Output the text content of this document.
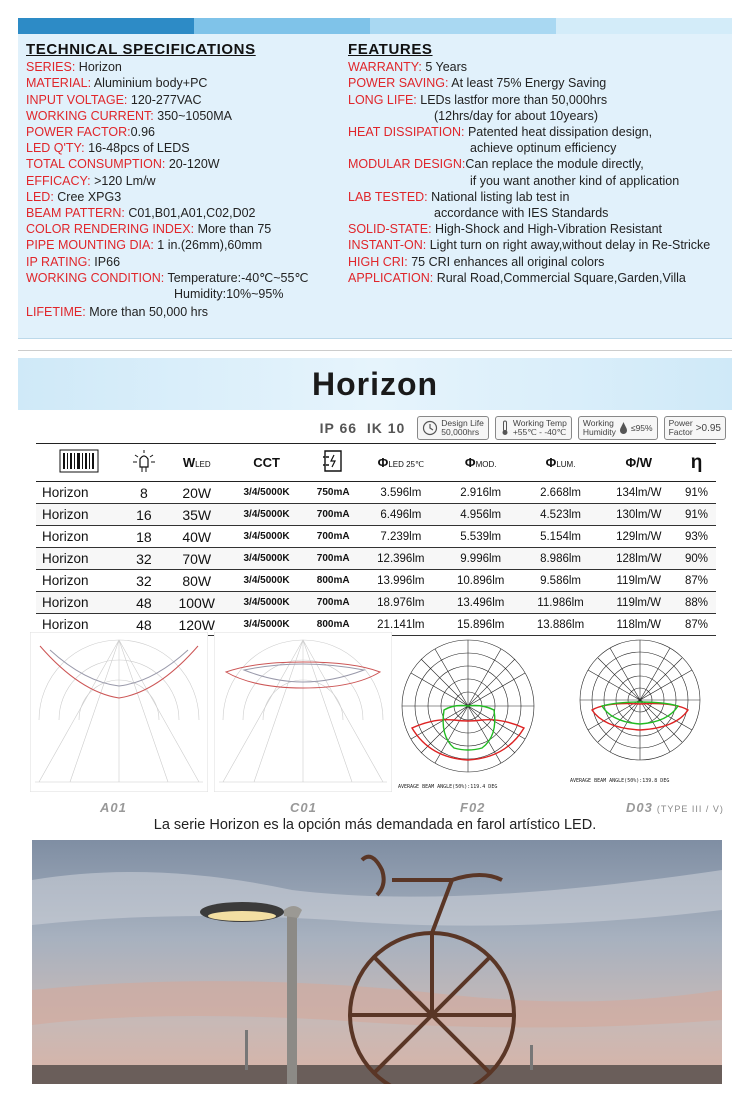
TECHNICAL SPECIFICATIONS
SERIES: Horizon
MATERIAL: Aluminium body+PC
INPUT VOLTAGE: 120-277VAC
WORKING CURRENT: 350~1050MA
POWER FACTOR:0.96
LED Q'TY: 16-48pcs of LEDS
TOTAL CONSUMPTION: 20-120W
EFFICACY: >120 Lm/w
LED: Cree XPG3
BEAM PATTERN: C01,B01,A01,C02,D02
COLOR RENDERING INDEX: More than 75
PIPE MOUNTING DIA: 1 in.(26mm),60mm
IP RATING: IP66
WORKING CONDITION: Temperature:-40℃~55℃
Humidity:10%~95%
LIFETIME: More than 50,000 hrs
FEATURES
WARRANTY: 5 Years
POWER SAVING: At least 75% Energy Saving
LONG LIFE: LEDs lastfor more than 50,000hrs
(12hrs/day for about 10years)
HEAT DISSIPATION: Patented heat dissipation design,
achieve optinum efficiency
MODULAR DESIGN:Can replace the module directly,
if you want another kind of application
LAB TESTED: National listing lab test in
accordance with IES Standards
SOLID-STATE: High-Shock and High-Vibration Resistant
INSTANT-ON: Light turn on right away,without delay in Re-Stricke
HIGH CRI: 75 CRI enhances all original colors
APPLICATION: Rural Road,Commercial Square,Garden,Villa
Horizon
IP 66 IK 10	Design Life
50,000hrs
Working Temp
+55℃ - -40℃
Working
Humidity ≤95% Power
Factor >0.95
		WLED	CCT		ΦLED 25℃	ΦMOD.	ΦLUM.	Φ/W	η
Horizon	8	20W	3/4/5000K	750mA	3.596lm	2.916lm	2.668lm	134lm/W	91%
Horizon	16	35W	3/4/5000K	700mA	6.496lm	4.956lm	4.523lm	130lm/W	91%
Horizon	18	40W	3/4/5000K	700mA	7.239lm	5.539lm	5.154lm	129lm/W	93%
Horizon	32	70W	3/4/5000K	700mA	12.396lm	9.996lm	8.986lm	128lm/W	90%
Horizon	32	80W	3/4/5000K	800mA	13.996lm	10.896lm	9.586lm	119lm/W	87%
Horizon	48	100W	3/4/5000K	700mA	18.976lm	13.496lm	11.986lm	119lm/W	88%
Horizon	48	120W	3/4/5000K	800mA	21.141lm	15.896lm	13.886lm	118lm/W	87%
AVERAGE BEAM ANGLE(50%):119.4 DEG
AVERAGE BEAM ANGLE(50%):139.8 DEG
A01	C01	F02	D03 (TYPE III / V)
La serie Horizon es la opción más demandada en farol artístico LED.
